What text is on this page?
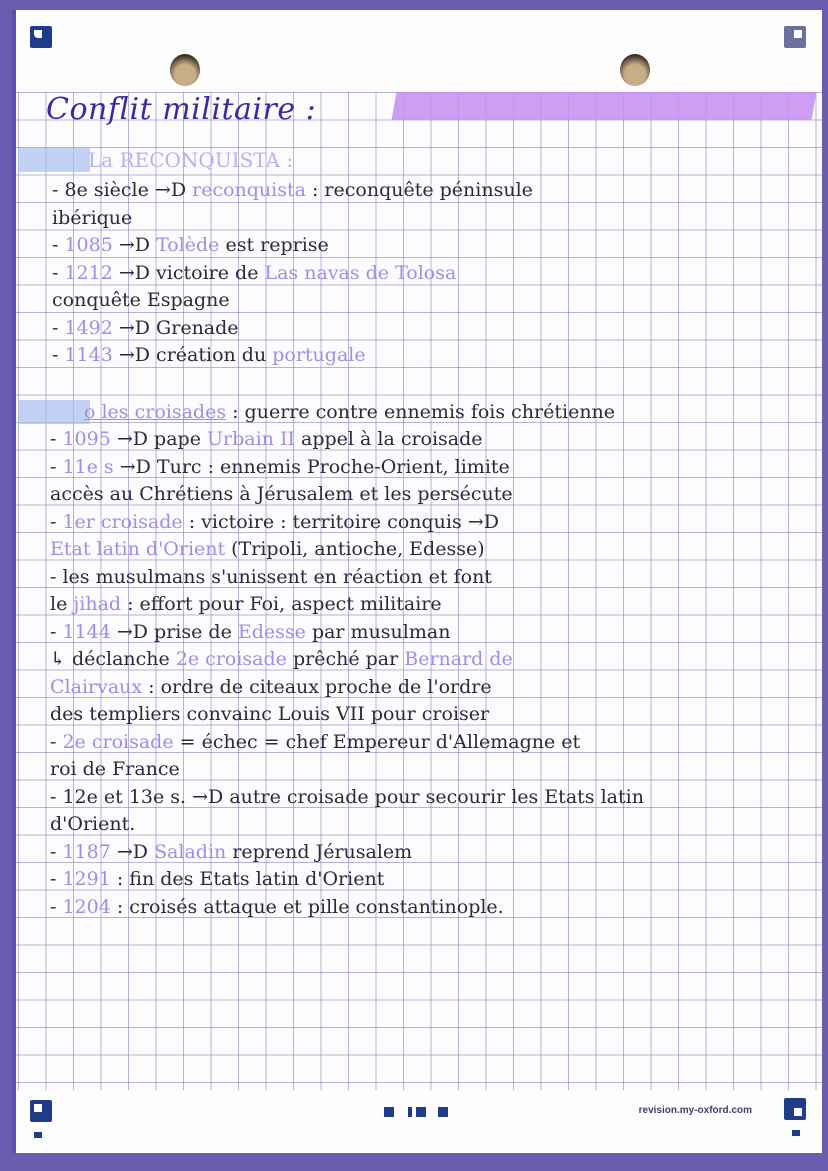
Conflit militaire :
La RECONQUISTA :
- 8e siècle →D reconquista : reconquête péninsule
ibérique
- 1085 →D Tolède est reprise
- 1212 →D victoire de Las navas de Tolosa
conquête Espagne
- 1492 →D Grenade
- 1143 →D création du portugale
o les croisades : guerre contre ennemis fois chrétienne
- 1095 →D pape Urbain II appel à la croisade
- 11e s →D Turc : ennemis Proche-Orient, limite
accès au Chrétiens à Jérusalem et les persécute
- 1er croisade : victoire : territoire conquis →D
Etat latin d'Orient (Tripoli, antioche, Edesse)
- les musulmans s'unissent en réaction et font
le jihad : effort pour Foi, aspect militaire
- 1144 →D prise de Edesse par musulman
↳ déclanche 2e croisade prêché par Bernard de
Clairvaux : ordre de citeaux proche de l'ordre
des templiers convainc Louis VII pour croiser
- 2e croisade = échec = chef Empereur d'Allemagne et
roi de France
- 12e et 13e s. →D autre croisade pour secourir les Etats latin
d'Orient.
- 1187 →D Saladin reprend Jérusalem
- 1291 : fin des Etats latin d'Orient
- 1204 : croisés attaque et pille constantinople.
revision.my-oxford.com
